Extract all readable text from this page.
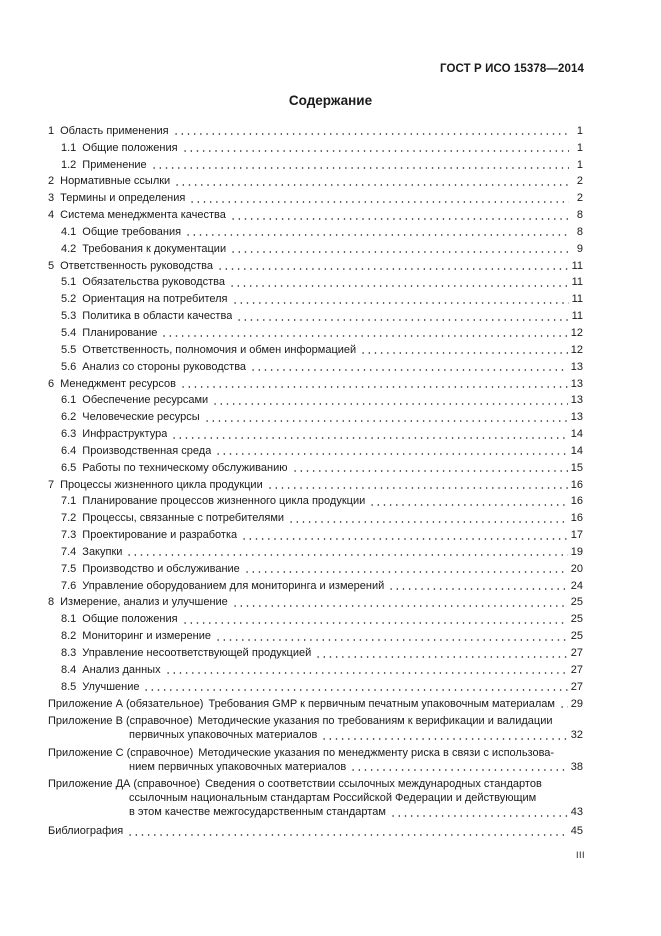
ГОСТ Р ИСО 15378—2014
Содержание
1 Область применения	1
1.1 Общие положения	1
1.2 Применение	1
2 Нормативные ссылки	2
3 Термины и определения	2
4 Система менеджмента качества	8
4.1 Общие требования	8
4.2 Требования к документации	9
5 Ответственность руководства	11
5.1 Обязательства руководства	11
5.2 Ориентация на потребителя	11
5.3 Политика в области качества	11
5.4 Планирование	12
5.5 Ответственность, полномочия и обмен информацией	12
5.6 Анализ со стороны руководства	13
6 Менеджмент ресурсов	13
6.1 Обеспечение ресурсами	13
6.2 Человеческие ресурсы	13
6.3 Инфраструктура	14
6.4 Производственная среда	14
6.5 Работы по техническому обслуживанию	15
7 Процессы жизненного цикла продукции	16
7.1 Планирование процессов жизненного цикла продукции	16
7.2 Процессы, связанные с потребителями	16
7.3 Проектирование и разработка	17
7.4 Закупки	19
7.5 Производство и обслуживание	20
7.6 Управление оборудованием для мониторинга и измерений	24
8 Измерение, анализ и улучшение	25
8.1 Общие положения	25
8.2 Мониторинг и измерение	25
8.3 Управление несоответствующей продукцией	27
8.4 Анализ данных	27
8.5 Улучшение	27
Приложение А (обязательное) Требования GMP к первичным печатным упаковочным материалам 29
Приложение В (справочное) Методические указания по требованиям к верификации и валидации
первичных упаковочных материалов	32
Приложение С (справочное) Методические указания по менеджменту риска в связи с использова-
нием первичных упаковочных материалов	38
Приложение ДА (справочное) Сведения о соответствии ссылочных международных стандартов
ссылочным национальным стандартам Российской Федерации и действующим
в этом качестве межгосударственным стандартам	43
Библиография	45
III
